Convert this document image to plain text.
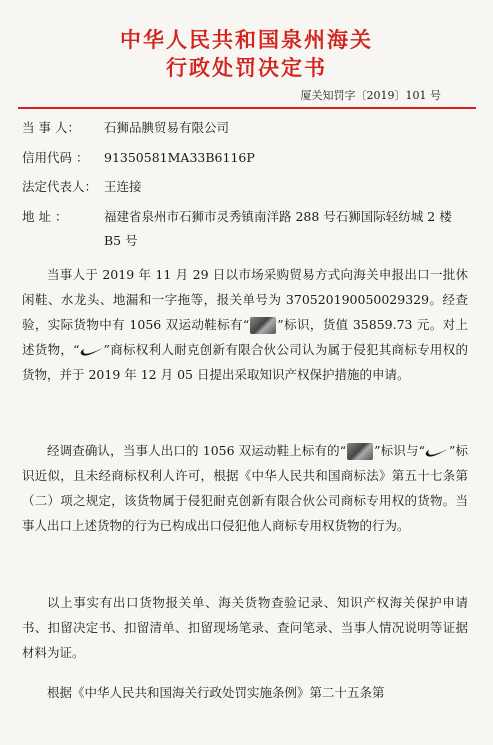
中华人民共和国泉州海关
行政处罚决定书
厦关知罚字〔2019〕101 号
当 事 人： 石狮品腆贸易有限公司
信用代码 ： 91350581MA33B6116P
法定代表人： 王连接
地 址 ：	福建省泉州市石狮市灵秀镇南洋路 288 号石狮国际轻纺城 2 楼 B5 号
当事人于 2019 年 11 月 29 日以市场采购贸易方式向海关申报出口一批休闲鞋、水龙头、地漏和一字拖等，报关单号为 370520190050029329。经查验，实际货物中有 1056 双运动鞋标有“ ”标识，货值 35859.73 元。对上述货物，“ ”商标权利人耐克创新有限合伙公司认为属于侵犯其商标专用权的货物，并于 2019 年 12 月 05 日提出采取知识产权保护措施的申请。
经调查确认，当事人出口的 1056 双运动鞋上标有的“ ”标识与“ ”标识近似，且未经商标权利人许可，根据《中华人民共和国商标法》第五十七条第（二）项之规定，该货物属于侵犯耐克创新有限合伙公司商标专用权的货物。当事人出口上述货物的行为已构成出口侵犯他人商标专用权货物的行为。
以上事实有出口货物报关单、海关货物查验记录、知识产权海关保护申请书、扣留决定书、扣留清单、扣留现场笔录、查问笔录、当事人情况说明等证据材料为证。
根据《中华人民共和国海关行政处罚实施条例》第二十五条第
